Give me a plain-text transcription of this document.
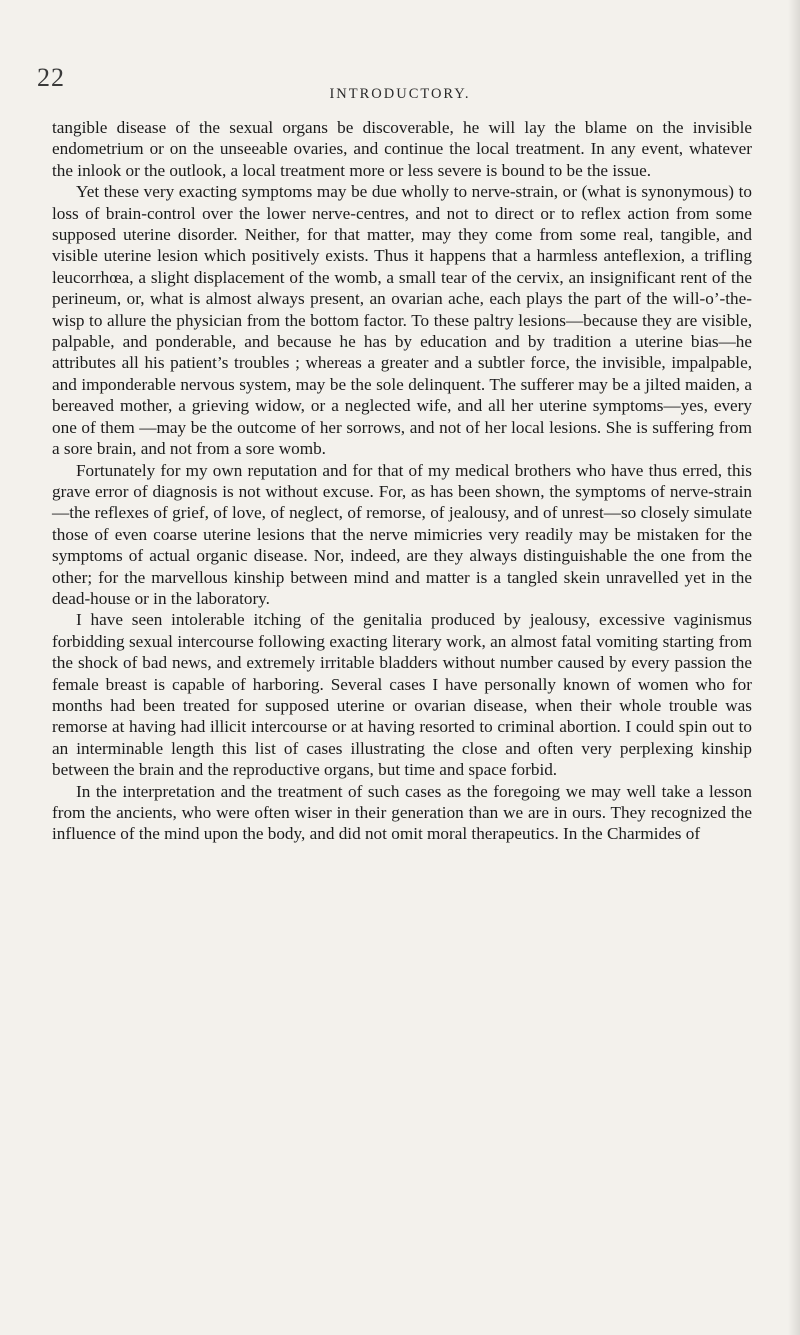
22
INTRODUCTORY.

tangible disease of the sexual organs be discoverable, he will lay the blame on the invisible endometrium or on the unseeable ovaries, and continue the local treatment. In any event, whatever the inlook or the outlook, a local treatment more or less severe is bound to be the issue.

Yet these very exacting symptoms may be due wholly to nerve-strain, or (what is synonymous) to loss of brain-control over the lower nerve-centres, and not to direct or to reflex action from some supposed uterine disorder. Neither, for that matter, may they come from some real, tangible, and visible uterine lesion which positively exists. Thus it happens that a harmless anteflexion, a trifling leucorrhœa, a slight displacement of the womb, a small tear of the cervix, an insignificant rent of the perineum, or, what is almost always present, an ovarian ache, each plays the part of the will-o’-the-wisp to allure the physician from the bottom factor. To these paltry lesions—because they are visible, palpable, and ponderable, and because he has by education and by tradition a uterine bias—he attributes all his patient’s troubles ; whereas a greater and a subtler force, the invisible, impalpable, and imponderable nervous system, may be the sole delinquent. The sufferer may be a jilted maiden, a bereaved mother, a grieving widow, or a neglected wife, and all her uterine symptoms—yes, every one of them —may be the outcome of her sorrows, and not of her local lesions. She is suffering from a sore brain, and not from a sore womb.

Fortunately for my own reputation and for that of my medical brothers who have thus erred, this grave error of diagnosis is not without excuse. For, as has been shown, the symptoms of nerve-strain—the reflexes of grief, of love, of neglect, of remorse, of jealousy, and of unrest—so closely simulate those of even coarse uterine lesions that the nerve mimicries very readily may be mistaken for the symptoms of actual organic disease. Nor, indeed, are they always distinguishable the one from the other; for the marvellous kinship between mind and matter is a tangled skein unravelled yet in the dead-house or in the laboratory.

I have seen intolerable itching of the genitalia produced by jealousy, excessive vaginismus forbidding sexual intercourse following exacting literary work, an almost fatal vomiting starting from the shock of bad news, and extremely irritable bladders without number caused by every passion the female breast is capable of harboring. Several cases I have personally known of women who for months had been treated for supposed uterine or ovarian disease, when their whole trouble was remorse at having had illicit intercourse or at having resorted to criminal abortion. I could spin out to an interminable length this list of cases illustrating the close and often very perplexing kinship between the brain and the reproductive organs, but time and space forbid.

In the interpretation and the treatment of such cases as the foregoing we may well take a lesson from the ancients, who were often wiser in their generation than we are in ours. They recognized the influence of the mind upon the body, and did not omit moral therapeutics. In the Charmides of
